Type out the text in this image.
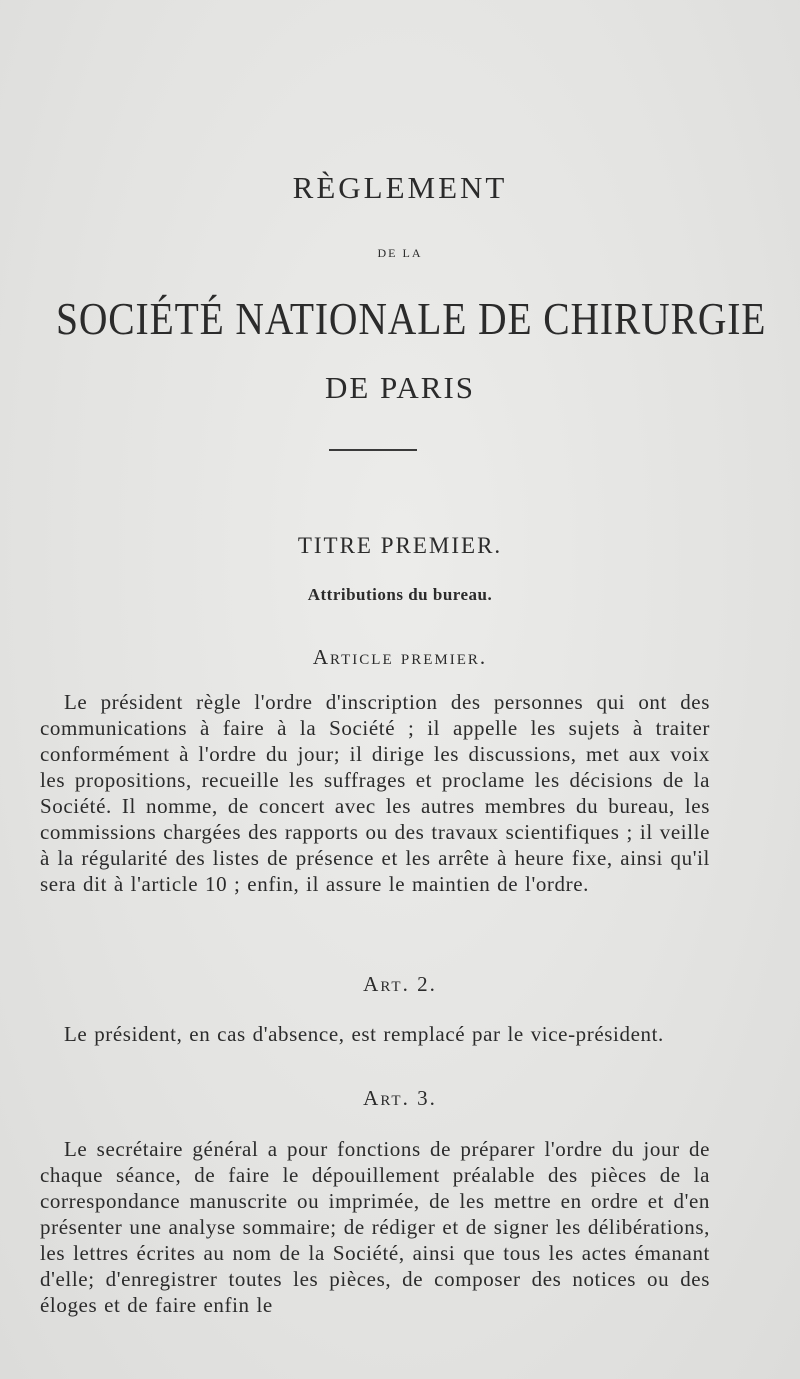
RÈGLEMENT
DE LA
SOCIÉTÉ NATIONALE DE CHIRURGIE
DE PARIS
TITRE PREMIER.
Attributions du bureau.
Article premier.
Le président règle l'ordre d'inscription des personnes qui ont des communications à faire à la Société ; il appelle les sujets à traiter conformément à l'ordre du jour; il dirige les discussions, met aux voix les propositions, recueille les suffrages et proclame les décisions de la Société. Il nomme, de concert avec les autres membres du bureau, les commissions chargées des rapports ou des travaux scientifiques ; il veille à la régularité des listes de présence et les arrête à heure fixe, ainsi qu'il sera dit à l'article 10 ; enfin, il assure le maintien de l'ordre.
Art. 2.
Le président, en cas d'absence, est remplacé par le vice-président.
Art. 3.
Le secrétaire général a pour fonctions de préparer l'ordre du jour de chaque séance, de faire le dépouillement préalable des pièces de la correspondance manuscrite ou imprimée, de les mettre en ordre et d'en présenter une analyse sommaire; de rédiger et de signer les délibérations, les lettres écrites au nom de la Société, ainsi que tous les actes émanant d'elle; d'enregistrer toutes les pièces, de composer des notices ou des éloges et de faire enfin le
